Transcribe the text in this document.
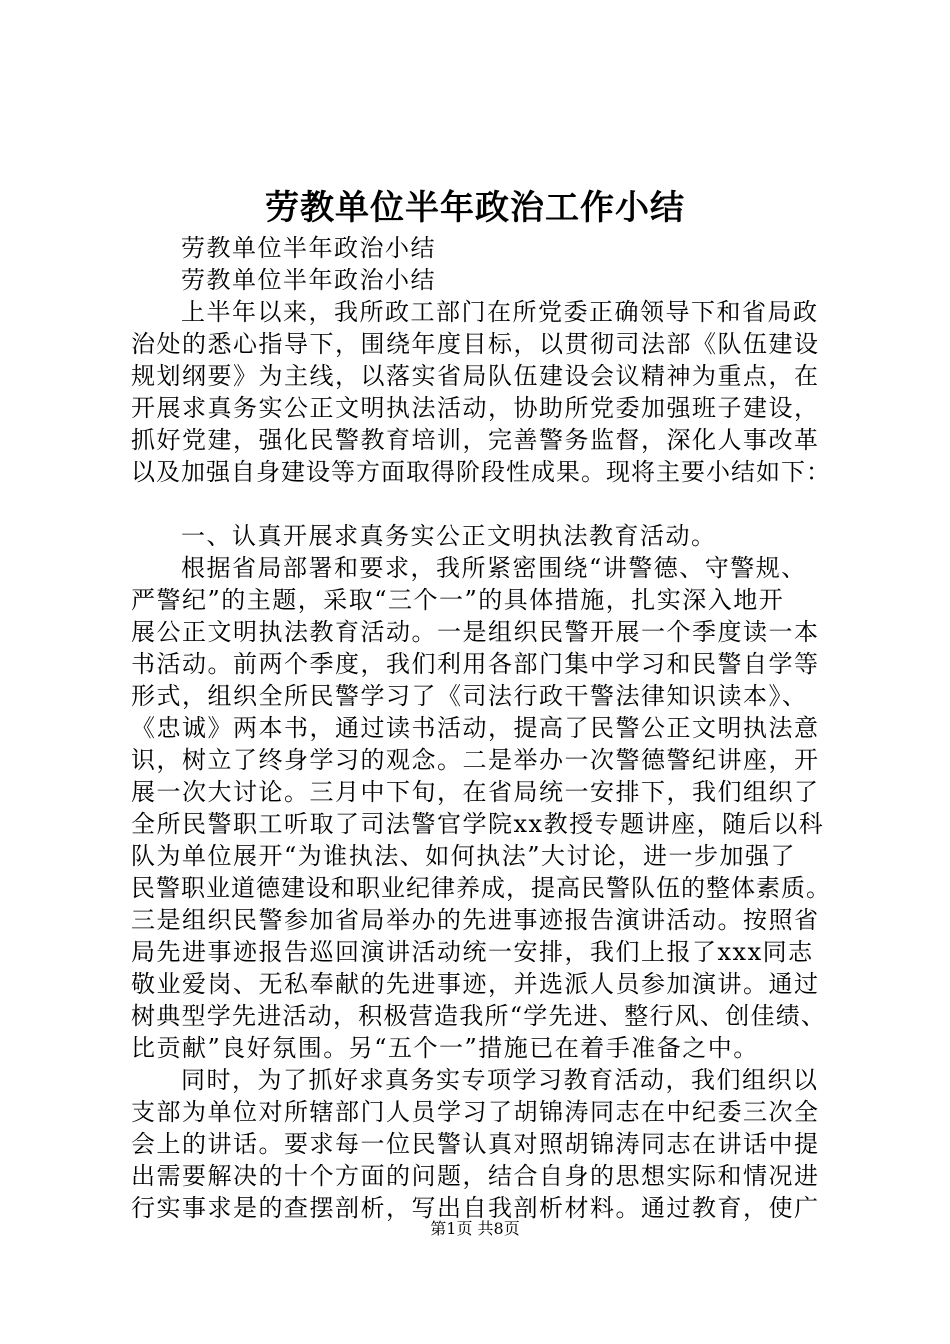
劳教单位半年政治工作小结
劳教单位半年政治小结
劳教单位半年政治小结
上半年以来，我所政工部门在所党委正确领导下和省局政
治处的悉心指导下，围绕年度目标，以贯彻司法部《队伍建设
规划纲要》为主线，以落实省局队伍建设会议精神为重点，在
开展求真务实公正文明执法活动，协助所党委加强班子建设，
抓好党建，强化民警教育培训，完善警务监督，深化人事改革
以及加强自身建设等方面取得阶段性成果。现将主要小结如下：
一、认真开展求真务实公正文明执法教育活动。
根据省局部署和要求，我所紧密围绕“讲警德、守警规、
严警纪”的主题，采取“三个一”的具体措施，扎实深入地开
展公正文明执法教育活动。一是组织民警开展一个季度读一本
书活动。前两个季度，我们利用各部门集中学习和民警自学等
形式，组织全所民警学习了《司法行政干警法律知识读本》、
《忠诚》两本书，通过读书活动，提高了民警公正文明执法意
识，树立了终身学习的观念。二是举办一次警德警纪讲座，开
展一次大讨论。三月中下旬，在省局统一安排下，我们组织了
全所民警职工听取了司法警官学院xx教授专题讲座，随后以科
队为单位展开“为谁执法、如何执法”大讨论，进一步加强了
民警职业道德建设和职业纪律养成，提高民警队伍的整体素质。
三是组织民警参加省局举办的先进事迹报告演讲活动。按照省
局先进事迹报告巡回演讲活动统一安排，我们上报了xxx同志
敬业爱岗、无私奉献的先进事迹，并选派人员参加演讲。通过
树典型学先进活动，积极营造我所“学先进、整行风、创佳绩、
比贡献”良好氛围。另“五个一”措施已在着手准备之中。
同时，为了抓好求真务实专项学习教育活动，我们组织以
支部为单位对所辖部门人员学习了胡锦涛同志在中纪委三次全
会上的讲话。要求每一位民警认真对照胡锦涛同志在讲话中提
出需要解决的十个方面的问题，结合自身的思想实际和情况进
行实事求是的查摆剖析，写出自我剖析材料。通过教育，使广
第1页 共8页
